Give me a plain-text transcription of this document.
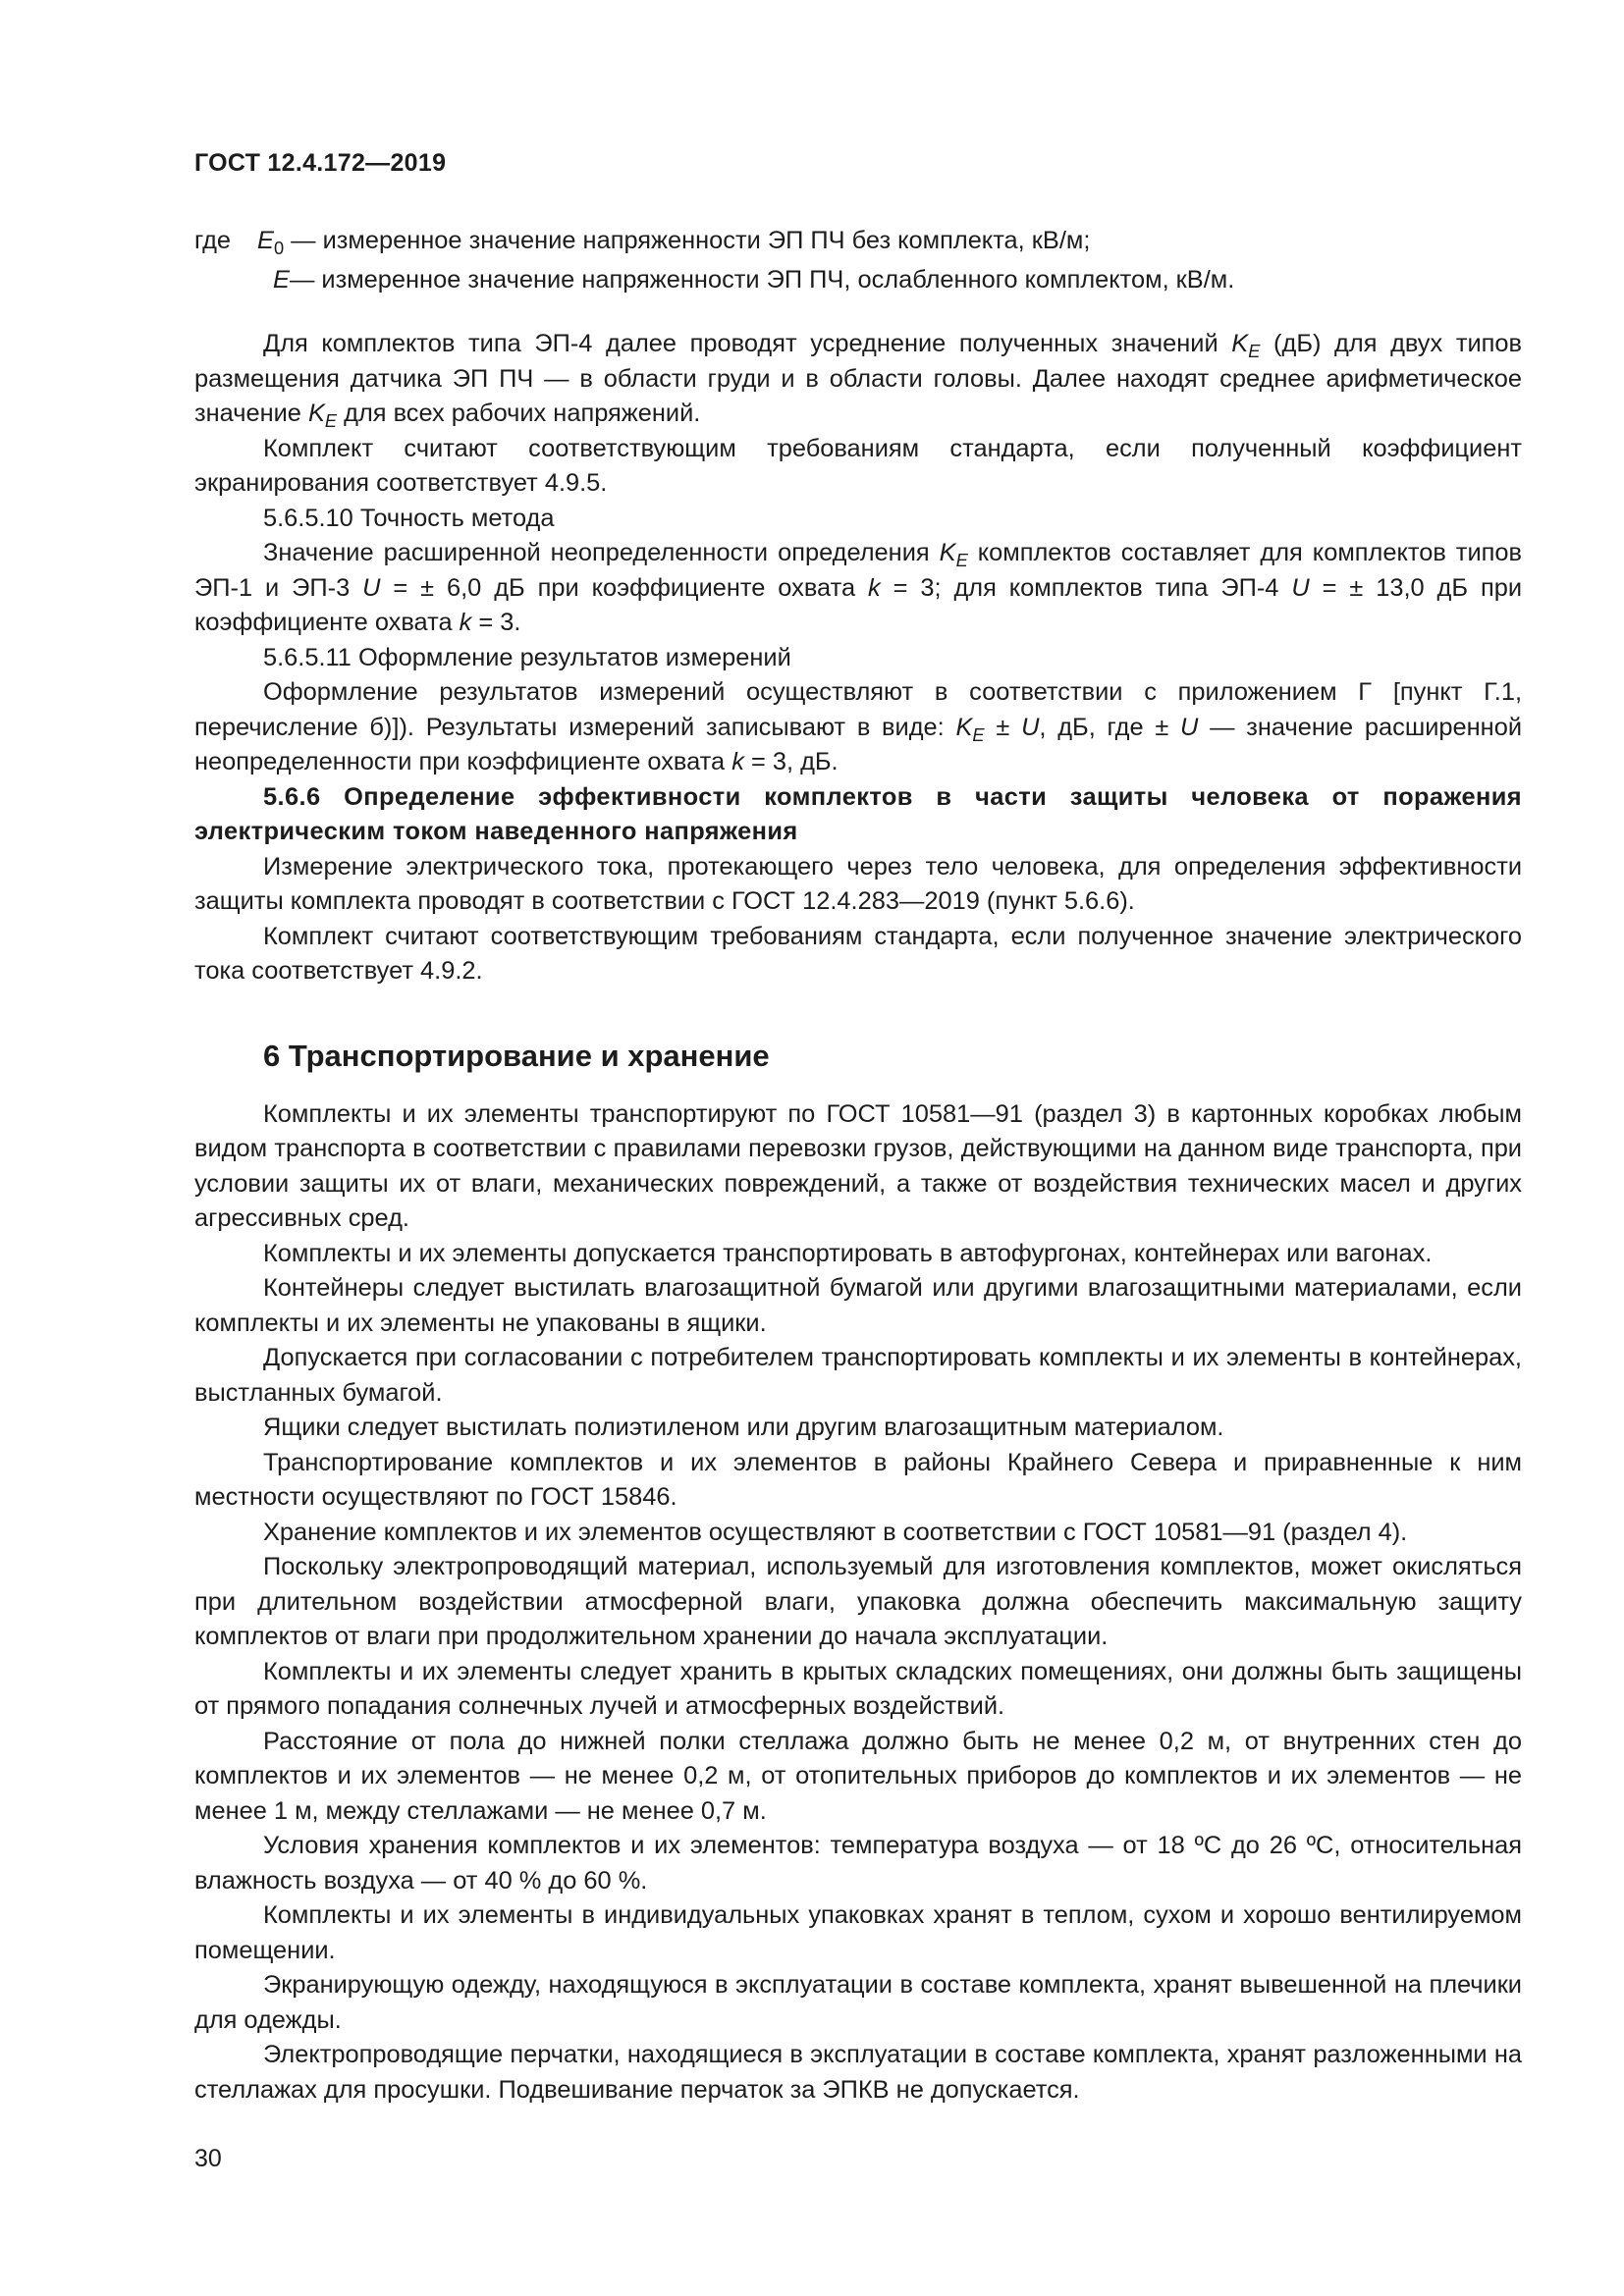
ГОСТ 12.4.172—2019

где	$E_0$ — измеренное значение напряженности ЭП ПЧ без комплекта, кВ/м;

E — измеренное значение напряженности ЭП ПЧ, ослабленного комплектом, кВ/м.

Для комплектов типа ЭП-4 далее проводят усреднение полученных значений $K_E$ (дБ) для двух типов размещения датчика ЭП ПЧ — в области груди и в области головы. Далее находят среднее арифметическое значение $K_E$ для всех рабочих напряжений.

Комплект считают соответствующим требованиям стандарта, если полученный коэффициент экранирования соответствует 4.9.5.

5.6.5.10 Точность метода

Значение расширенной неопределенности определения $K_E$ комплектов составляет для комплектов типов ЭП-1 и ЭП-3 U = ± 6,0 дБ при коэффициенте охвата k = 3; для комплектов типа ЭП-4 U = ± 13,0 дБ при коэффициенте охвата k = 3.

5.6.5.11 Оформление результатов измерений

Оформление результатов измерений осуществляют в соответствии с приложением Г [пункт Г.1, перечисление б)]). Результаты измерений записывают в виде: $K_E \pm U$, дБ, где ± U — значение расширенной неопределенности при коэффициенте охвата k = 3, дБ.

5.6.6 Определение эффективности комплектов в части защиты человека от поражения электрическим током наведенного напряжения

Измерение электрического тока, протекающего через тело человека, для определения эффективности защиты комплекта проводят в соответствии с ГОСТ 12.4.283—2019 (пункт 5.6.6).

Комплект считают соответствующим требованиям стандарта, если полученное значение электрического тока соответствует 4.9.2.

6 Транспортирование и хранение

Комплекты и их элементы транспортируют по ГОСТ 10581—91 (раздел 3) в картонных коробках любым видом транспорта в соответствии с правилами перевозки грузов, действующими на данном виде транспорта, при условии защиты их от влаги, механических повреждений, а также от воздействия технических масел и других агрессивных сред.

Комплекты и их элементы допускается транспортировать в автофургонах, контейнерах или вагонах.

Контейнеры следует выстилать влагозащитной бумагой или другими влагозащитными материалами, если комплекты и их элементы не упакованы в ящики.

Допускается при согласовании с потребителем транспортировать комплекты и их элементы в контейнерах, выстланных бумагой.

Ящики следует выстилать полиэтиленом или другим влагозащитным материалом.

Транспортирование комплектов и их элементов в районы Крайнего Севера и приравненные к ним местности осуществляют по ГОСТ 15846.

Хранение комплектов и их элементов осуществляют в соответствии с ГОСТ 10581—91 (раздел 4).

Поскольку электропроводящий материал, используемый для изготовления комплектов, может окисляться при длительном воздействии атмосферной влаги, упаковка должна обеспечить максимальную защиту комплектов от влаги при продолжительном хранении до начала эксплуатации.

Комплекты и их элементы следует хранить в крытых складских помещениях, они должны быть защищены от прямого попадания солнечных лучей и атмосферных воздействий.

Расстояние от пола до нижней полки стеллажа должно быть не менее 0,2 м, от внутренних стен до комплектов и их элементов — не менее 0,2 м, от отопительных приборов до комплектов и их элементов — не менее 1 м, между стеллажами — не менее 0,7 м.

Условия хранения комплектов и их элементов: температура воздуха — от 18 ºС до 26 ºС, относительная влажность воздуха — от 40 % до 60 %.

Комплекты и их элементы в индивидуальных упаковках хранят в теплом, сухом и хорошо вентилируемом помещении.

Экранирующую одежду, находящуюся в эксплуатации в составе комплекта, хранят вывешенной на плечики для одежды.

Электропроводящие перчатки, находящиеся в эксплуатации в составе комплекта, хранят разложенными на стеллажах для просушки. Подвешивание перчаток за ЭПКВ не допускается.

30
